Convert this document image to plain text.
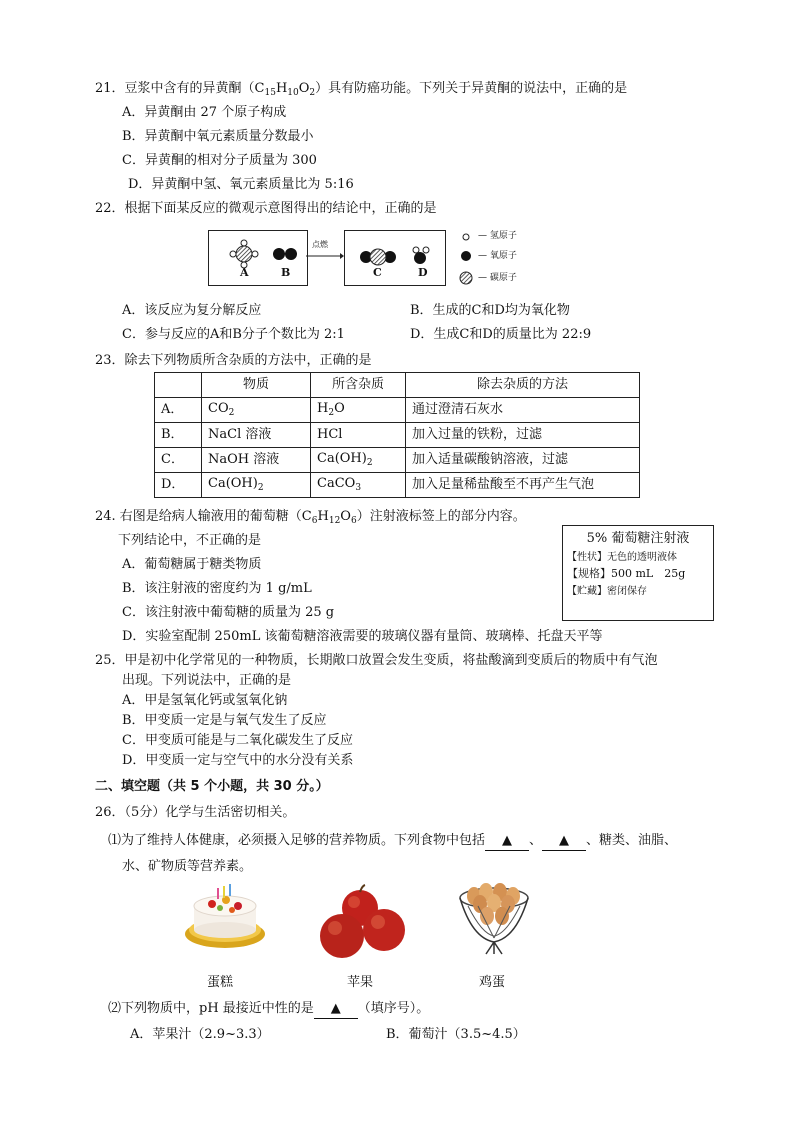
21．豆浆中含有的异黄酮$(C_{15}H_{10}O_2)$具有防癌功能。下列关于异黄酮的说法中，正确的是
A．异黄酮由 27 个原子构成
B．异黄酮中氧元素质量分数最小
C．异黄酮的相对分子质量为 300
D．异黄酮中氢、氧元素质量比为 5:16
22．根据下面某反应的微观示意图得出的结论中，正确的是
A	B
点燃
C	D
— 氢原子
— 氧原子
— 碳原子
A．该反应为复分解反应	B．生成的C和D均为氧化物
C．参与反应的A和B分子个数比为 2:1	D．生成C和D的质量比为 22:9
23．除去下列物质所含杂质的方法中，正确的是
	物质	所含杂质	除去杂质的方法
A．	$CO_2$	$H_2O$	通过澄清石灰水
B．	NaCl 溶液	HCl	加入过量的铁粉，过滤
C．	NaOH 溶液	$Ca(OH)_2$	加入适量碳酸钠溶液，过滤
D．	$Ca(OH)_2$	CaCO$_3$	加入足量稀盐酸至不再产生气泡
24. 右图是给病人输液用的葡萄糖$(C_6H_{12}O_6)$注射液标签上的部分内容。
下列结论中，不正确的是
A．葡萄糖属于糖类物质
B．该注射液的密度约为 1 g/mL
C．该注射液中葡萄糖的质量为 25 g
D．实验室配制 250mL 该葡萄糖溶液需要的玻璃仪器有量筒、玻璃棒、托盘天平等
5% 葡萄糖注射液
【性状】无色的透明液体
【规格】500 mL　25g
【贮藏】密闭保存
25．甲是初中化学常见的一种物质，长期敞口放置会发生变质，将盐酸滴到变质后的物质中有气泡
出现。下列说法中，正确的是
A．甲是氢氧化钙或氢氧化钠
B．甲变质一定是与氧气发生了反应
C．甲变质可能是与二氧化碳发生了反应
D．甲变质一定与空气中的水分没有关系
二、填空题（共 5 个小题，共 30 分。）
26．（5分）化学与生活密切相关。
⑴为了维持人体健康，必须摄入足够的营养物质。下列食物中包括 ▲ 、 ▲ 、糖类、油脂、
水、矿物质等营养素。
蛋糕	苹果	鸡蛋
⑵下列物质中，pH 最接近中性的是 ▲ （填序号）。
A．苹果汁（2.9~3.3）	B．葡萄汁（3.5~4.5）
